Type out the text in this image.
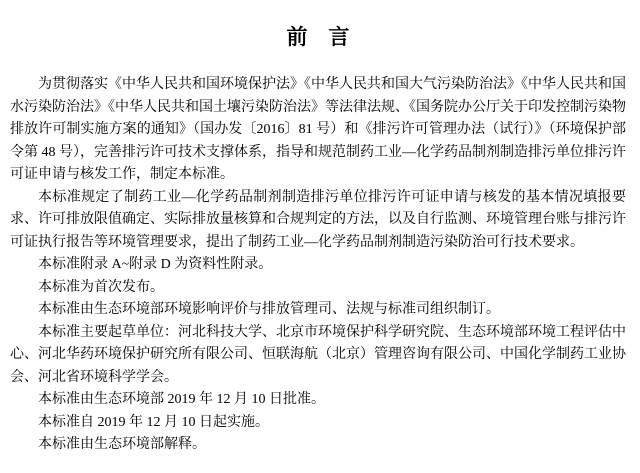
前　言

为贯彻落实《中华人民共和国环境保护法》《中华人民共和国大气污染防治法》《中华人民共和国水污染防治法》《中华人民共和国土壤污染防治法》等法律法规、《国务院办公厅关于印发控制污染物排放许可制实施方案的通知》（国办发〔2016〕81 号）和《排污许可管理办法（试行）》（环境保护部令第 48 号），完善排污许可技术支撑体系，指导和规范制药工业—化学药品制剂制造排污单位排污许可证申请与核发工作，制定本标准。

本标准规定了制药工业—化学药品制剂制造排污单位排污许可证申请与核发的基本情况填报要求、许可排放限值确定、实际排放量核算和合规判定的方法，以及自行监测、环境管理台账与排污许可证执行报告等环境管理要求，提出了制药工业—化学药品制剂制造污染防治可行技术要求。

本标准附录 A~附录 D 为资料性附录。

本标准为首次发布。

本标准由生态环境部环境影响评价与排放管理司、法规与标准司组织制订。

本标准主要起草单位：河北科技大学、北京市环境保护科学研究院、生态环境部环境工程评估中心、河北华药环境保护研究所有限公司、恒联海航（北京）管理咨询有限公司、中国化学制药工业协会、河北省环境科学学会。

本标准由生态环境部 2019 年 12 月 10 日批准。

本标准自 2019 年 12 月 10 日起实施。

本标准由生态环境部解释。
